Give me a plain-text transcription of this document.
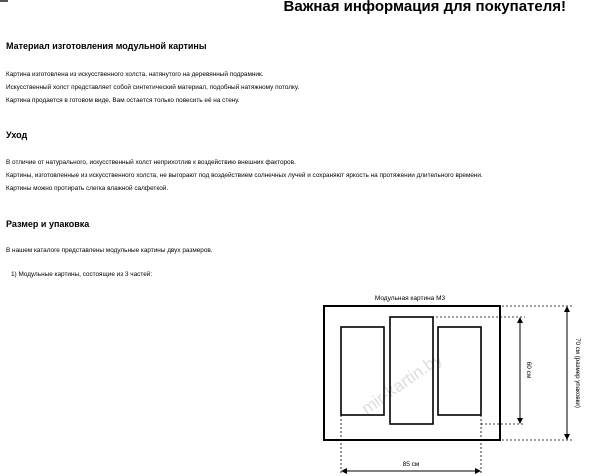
Важная информация для покупателя!
Материал изготовления модульной картины
Картина изготовлена из искусственного холста, натянутого на деревянный подрамник.
Искусственный холст представляет собой синтетический материал, подобный натяжному потолку.
Картина продается в готовом виде, Вам остается только повесить её на стену.
Уход
В отличие от натурального, искусственный холст неприхотлив к воздействию внешних факторов.
Картины, изготовленные из искусственного холста, не выгорают под воздействием солнечных лучей и сохраняют яркость на протяжении длительного времени.
Картины можно протирать слегка влажной салфеткой.
Размер и упаковка
В нашем каталоге представлены модульные картины двух размеров.
1) Модульные картины, состоящие из 3 частей:
mir-kartin.by
Модульная картина М3
60 см	70 см (размер упаковки)
85 см
